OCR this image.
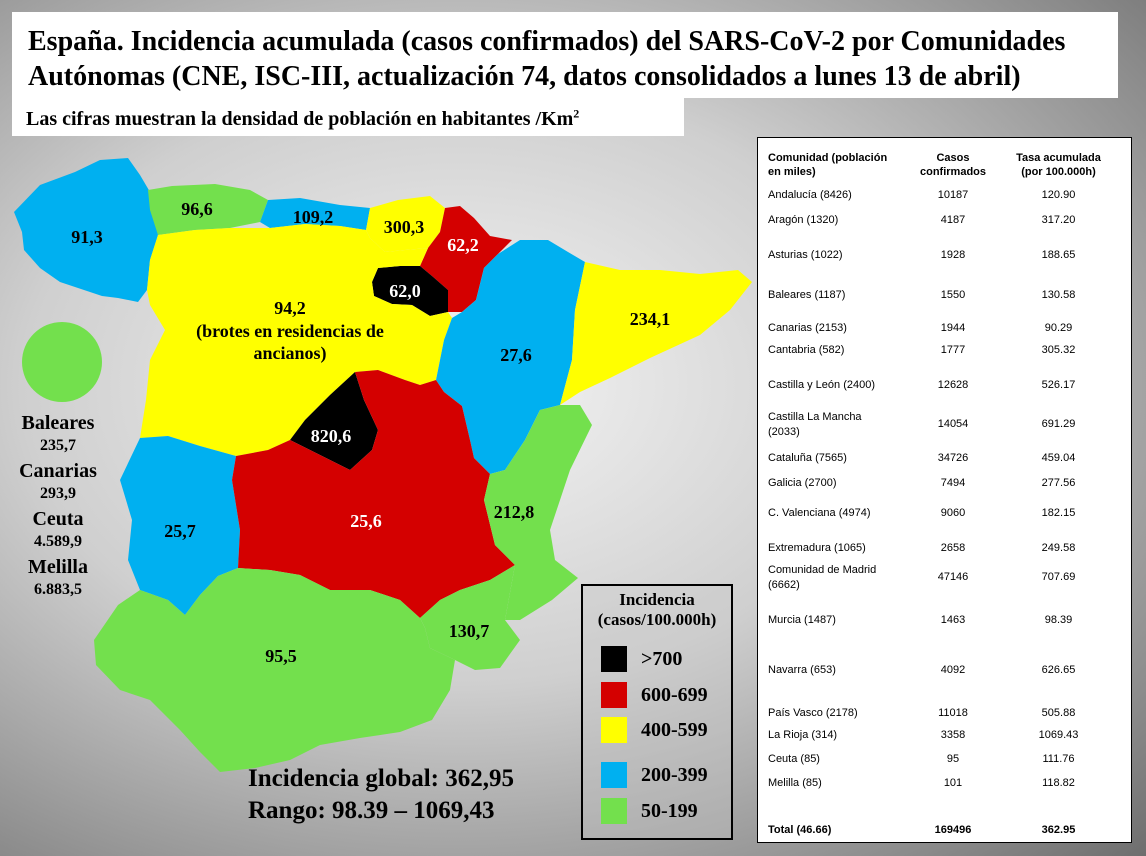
España. Incidencia acumulada (casos confirmados) del SARS-CoV-2 por Comunidades
Autónomas (CNE, ISC-III, actualización 74, datos consolidados a lunes 13 de abril)
Las cifras muestran la densidad de población en habitantes /Km$^2$
91,3
96,6	109,2	300,3
62,2
62,0
94,2
(brotes en residencias de
ancianos)	27,6
234,1
820,6
25,7	25,6	212,8
130,7
95,5
Baleares
235,7
Canarias
293,9
Ceuta
4.589,9
Melilla
6.883,5
Incidencia
(casos/100.000h)
>700
600-699
400-599
200-399
50-199
Incidencia global: 362,95
Rango: 98.39 – 1069,43
Comunidad (población
en miles)
Casos
confirmados
Tasa acumulada
(por 100.000h)
Andalucía (8426)	10187	120.90
Aragón (1320)	4187	317.20
Asturias (1022)	1928	188.65
Baleares (1187)	1550	130.58
Canarias (2153)	1944	90.29
Cantabria (582)	1777	305.32
Castilla y León (2400)	12628	526.17
Castilla La Mancha
(2033)
14054	691.29
Cataluña (7565)	34726	459.04
Galicia (2700)	7494	277.56
C. Valenciana (4974)	9060	182.15
Extremadura (1065)	2658	249.58
Comunidad de Madrid
(6662)
47146	707.69
Murcia (1487)	1463	98.39
Navarra (653)	4092	626.65
País Vasco (2178)	11018	505.88
La Rioja (314)	3358	1069.43
Ceuta (85)	95	111.76
Melilla (85)	101	118.82
Total (46.66)	169496	362.95
